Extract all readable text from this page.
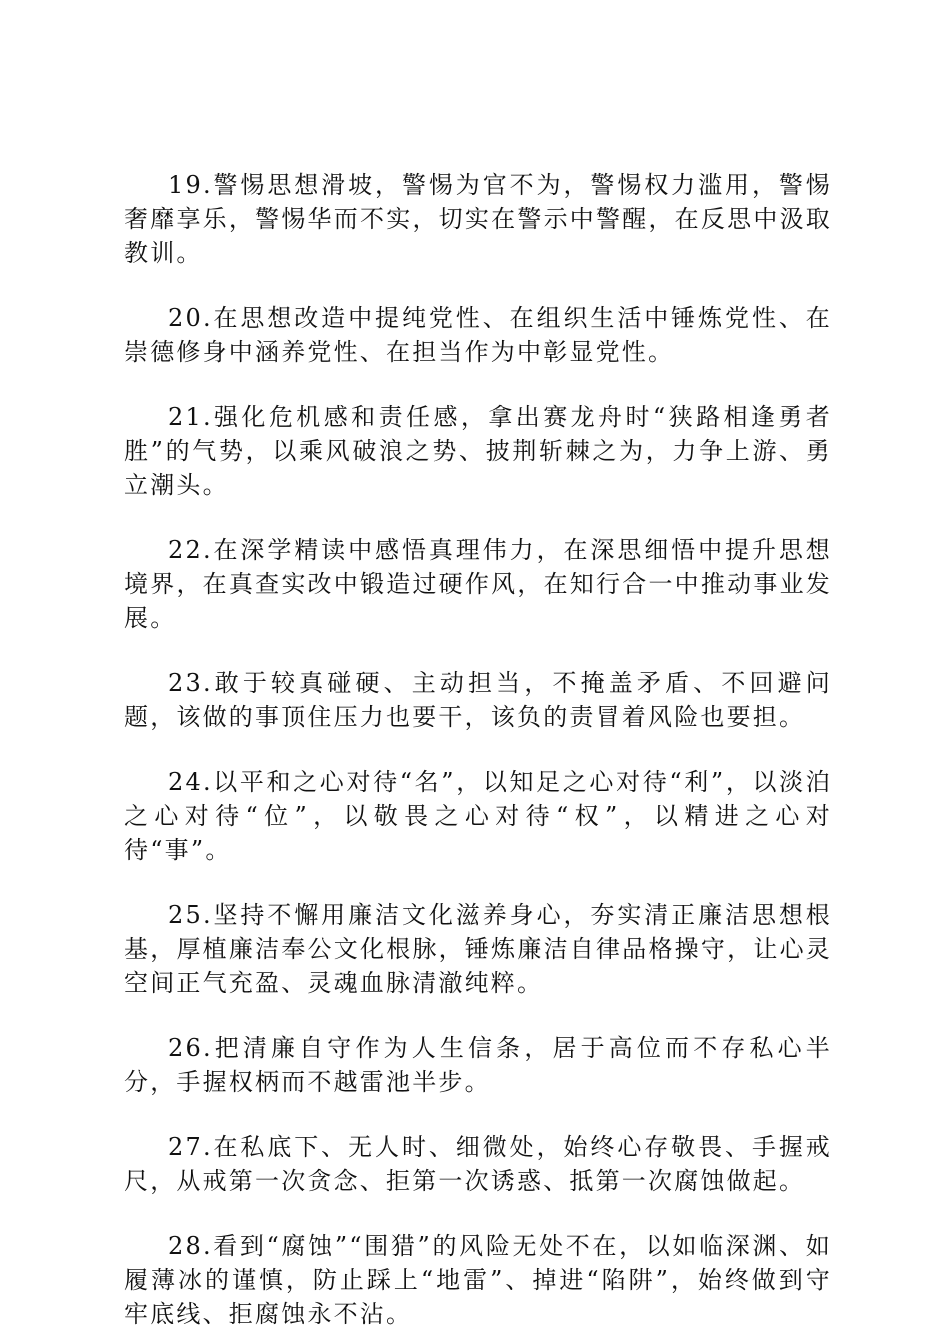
19.警惕思想滑坡，警惕为官不为，警惕权力滥用，警惕奢靡享乐，警惕华而不实，切实在警示中警醒，在反思中汲取教训。

20.在思想改造中提纯党性、在组织生活中锤炼党性、在崇德修身中涵养党性、在担当作为中彰显党性。

21.强化危机感和责任感，拿出赛龙舟时“狭路相逢勇者胜”的气势，以乘风破浪之势、披荆斩棘之为，力争上游、勇立潮头。

22.在深学精读中感悟真理伟力，在深思细悟中提升思想境界，在真查实改中锻造过硬作风，在知行合一中推动事业发展。

23.敢于较真碰硬、主动担当，不掩盖矛盾、不回避问题，该做的事顶住压力也要干，该负的责冒着风险也要担。

24.以平和之心对待“名”，以知足之心对待“利”，以淡泊之心对待“位”，以敬畏之心对待“权”，以精进之心对待“事”。

25.坚持不懈用廉洁文化滋养身心，夯实清正廉洁思想根基，厚植廉洁奉公文化根脉，锤炼廉洁自律品格操守，让心灵空间正气充盈、灵魂血脉清澈纯粹。

26.把清廉自守作为人生信条，居于高位而不存私心半分，手握权柄而不越雷池半步。

27.在私底下、无人时、细微处，始终心存敬畏、手握戒尺，从戒第一次贪念、拒第一次诱惑、抵第一次腐蚀做起。

28.看到“腐蚀”“围猎”的风险无处不在，以如临深渊、如履薄冰的谨慎，防止踩上“地雷”、掉进“陷阱”，始终做到守牢底线、拒腐蚀永不沾。
